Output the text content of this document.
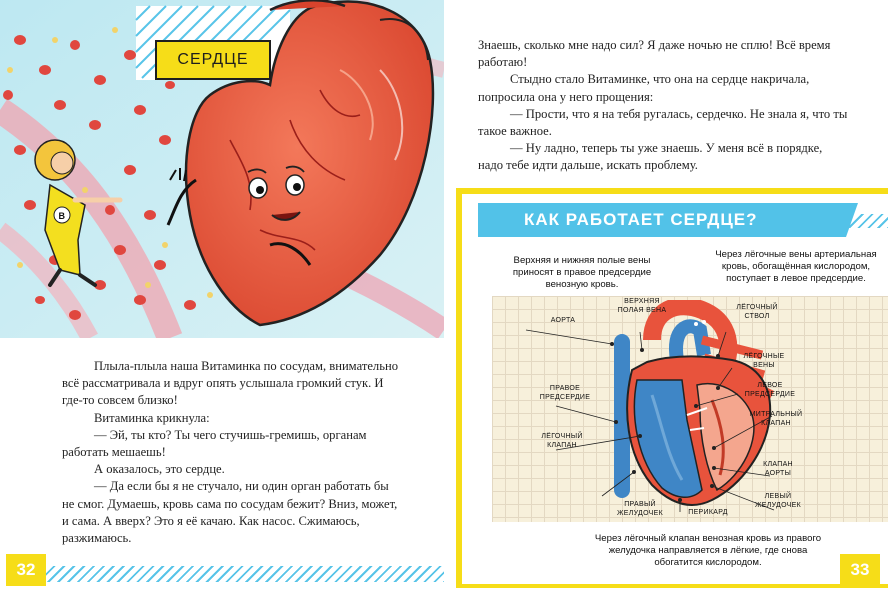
В
СЕРДЦЕ

Плыла-плыла наша Витаминка по сосудам, внимательно всё рассматривала и вдруг опять услышала громкий стук. И где-то совсем близко!

Витаминка крикнула:

— Эй, ты кто? Ты чего стучишь-гремишь, органам работать мешаешь!

А оказалось, это сердце.

— Да если бы я не стучало, ни один орган работать бы не смог. Думаешь, кровь сама по сосудам бежит? Вниз, может, и сама. А вверх? Это я её качаю. Как насос. Сжимаюсь, разжимаюсь.

32

Знаешь, сколько мне надо сил? Я даже ночью не сплю! Всё время работаю!

Стыдно стало Витаминке, что она на сердце накричала, попросила она у него прощения:

— Прости, что я на тебя ругалась, сердечко. Не знала я, что ты такое важное.

— Ну ладно, теперь ты уже знаешь. У меня всё в порядке, надо тебе идти дальше, искать проблему.

КАК РАБОТАЕТ СЕРДЦЕ?
Верхняя и нижняя полые вены приносят в правое предсердие венозную кровь.
Через лёгочные вены артериальная кровь, обогащённая кислородом, поступает в левое предсердие.
АОРТА
ВЕРХНЯЯ ПОЛАЯ ВЕНА	ЛЁГОЧНЫЙ СТВОЛ
ЛЁГОЧНЫЕ ВЕНЫ
ПРАВОЕ ПРЕДСЕРДИЕ
ЛЕВОЕ ПРЕДСЕРДИЕ
МИТРАЛЬНЫЙ КЛАПАН
ЛЁГОЧНЫЙ КЛАПАН
КЛАПАН АОРТЫ
ЛЕВЫЙ ЖЕЛУДОЧЕК
ПРАВЫЙ ЖЕЛУДОЧЕК	ПЕРИКАРД
Через лёгочный клапан венозная кровь из правого желудочка направляется в лёгкие, где снова обогатится кислородом.	33
